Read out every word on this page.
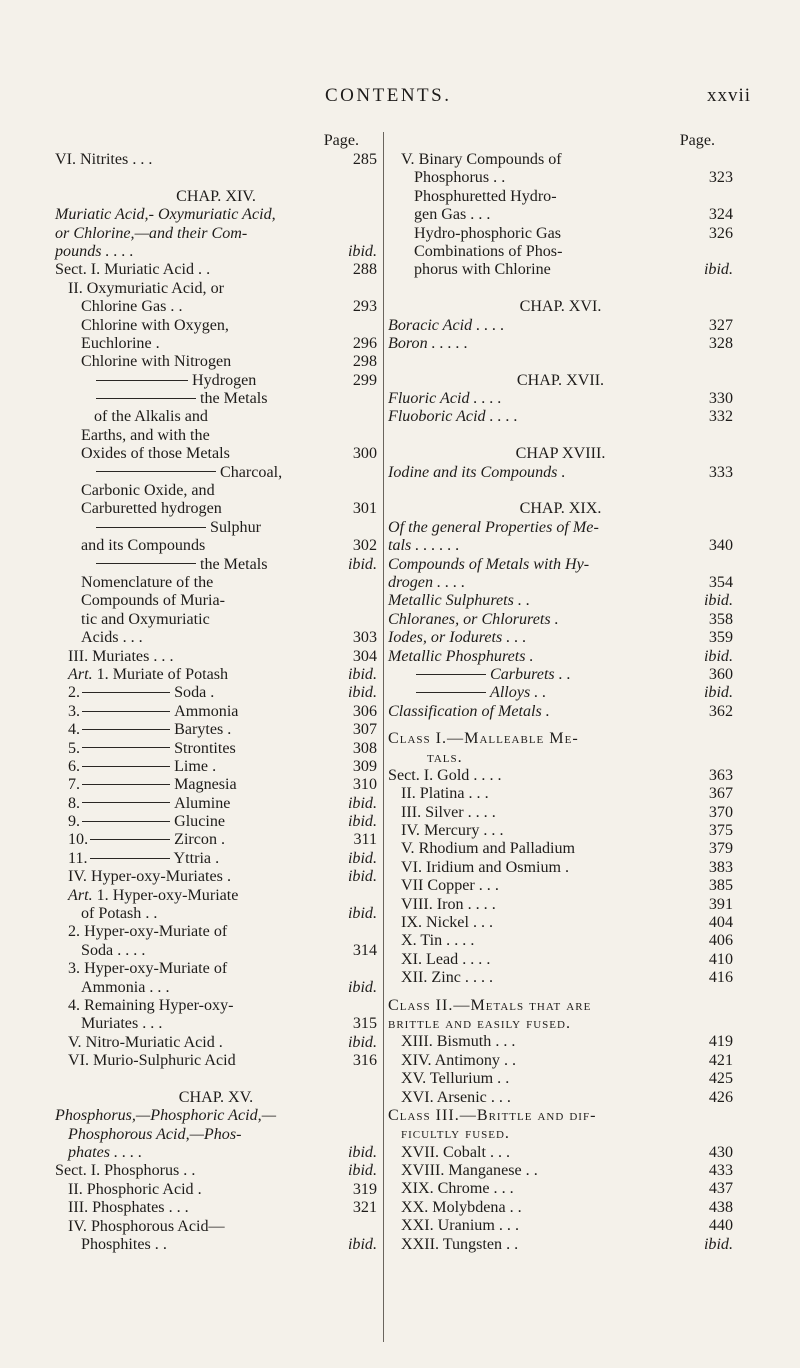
CONTENTS.	xxvii
Page.
VI. Nitrites . . .	285
CHAP. XIV.
Muriatic Acid,- Oxymuriatic Acid,
or Chlorine,—and their Com-
pounds . . . .	ibid.
Sect. I. Muriatic Acid . .	288
II. Oxymuriatic Acid, or
Chlorine Gas . .	293
Chlorine with Oxygen,
Euchlorine .	296
Chlorine with Nitrogen	298
Hydrogen	299
the Metals
of the Alkalis and
Earths, and with the
Oxides of those Metals	300
Charcoal,
Carbonic Oxide, and
Carburetted hydrogen	301
Sulphur
and its Compounds	302
the Metals	ibid.
Nomenclature of the
Compounds of Muria-
tic and Oxymuriatic
Acids . . .	303
III. Muriates . . .	304
Art. 1. Muriate of Potash	ibid.
2.	Soda .	ibid.
3.	Ammonia	306
4.	Barytes .	307
5.	Strontites	308
6.	Lime .	309
7.	Magnesia	310
8.	Alumine	ibid.
9.	Glucine	ibid.
10.	Zircon .	311
11.	Yttria .	ibid.
IV. Hyper-oxy-Muriates .	ibid.
Art. 1. Hyper-oxy-Muriate
of Potash . .	ibid.
2. Hyper-oxy-Muriate of
Soda . . . .	314
3. Hyper-oxy-Muriate of
Ammonia . . .	ibid.
4. Remaining Hyper-oxy-
Muriates . . .	315
V. Nitro-Muriatic Acid .	ibid.
VI. Murio-Sulphuric Acid	316
CHAP. XV.
Phosphorus,—Phosphoric Acid,—
Phosphorous Acid,—Phos-
phates . . . .	ibid.
Sect. I. Phosphorus . .	ibid.
II. Phosphoric Acid .	319
III. Phosphates . . .	321
IV. Phosphorous Acid—
Phosphites . .	ibid.
Page.
V. Binary Compounds of
Phosphorus . .	323
Phosphuretted Hydro-
gen Gas . . .	324
Hydro-phosphoric Gas	326
Combinations of Phos-
phorus with Chlorine	ibid.
CHAP. XVI.
Boracic Acid . . . .	327
Boron . . . . .	328
CHAP. XVII.
Fluoric Acid . . . .	330
Fluoboric Acid . . . .	332
CHAP XVIII.
Iodine and its Compounds .	333
CHAP. XIX.
Of the general Properties of Me-
tals . . . . . .	340
Compounds of Metals with Hy-
drogen . . . .	354
Metallic Sulphurets . .	ibid.
Chloranes, or Chlorurets .	358
Iodes, or Iodurets . . .	359
Metallic Phosphurets .	ibid.
Carburets . .	360
Alloys . .	ibid.
Classification of Metals .	362
Class I.—Malleable Me-
tals.
Sect. I. Gold . . . .	363
II. Platina . . .	367
III. Silver . . . .	370
IV. Mercury . . .	375
V. Rhodium and Palladium	379
VI. Iridium and Osmium .	383
VII Copper . . .	385
VIII. Iron . . . .	391
IX. Nickel . . .	404
X. Tin . . . .	406
XI. Lead . . . .	410
XII. Zinc . . . .	416
Class II.—Metals that are
brittle and easily fused.
XIII. Bismuth . . .	419
XIV. Antimony . .	421
XV. Tellurium . .	425
XVI. Arsenic . . .	426
Class III.—Brittle and dif-
ficultly fused.
XVII. Cobalt . . .	430
XVIII. Manganese . .	433
XIX. Chrome . . .	437
XX. Molybdena . .	438
XXI. Uranium . . .	440
XXII. Tungsten . .	ibid.
